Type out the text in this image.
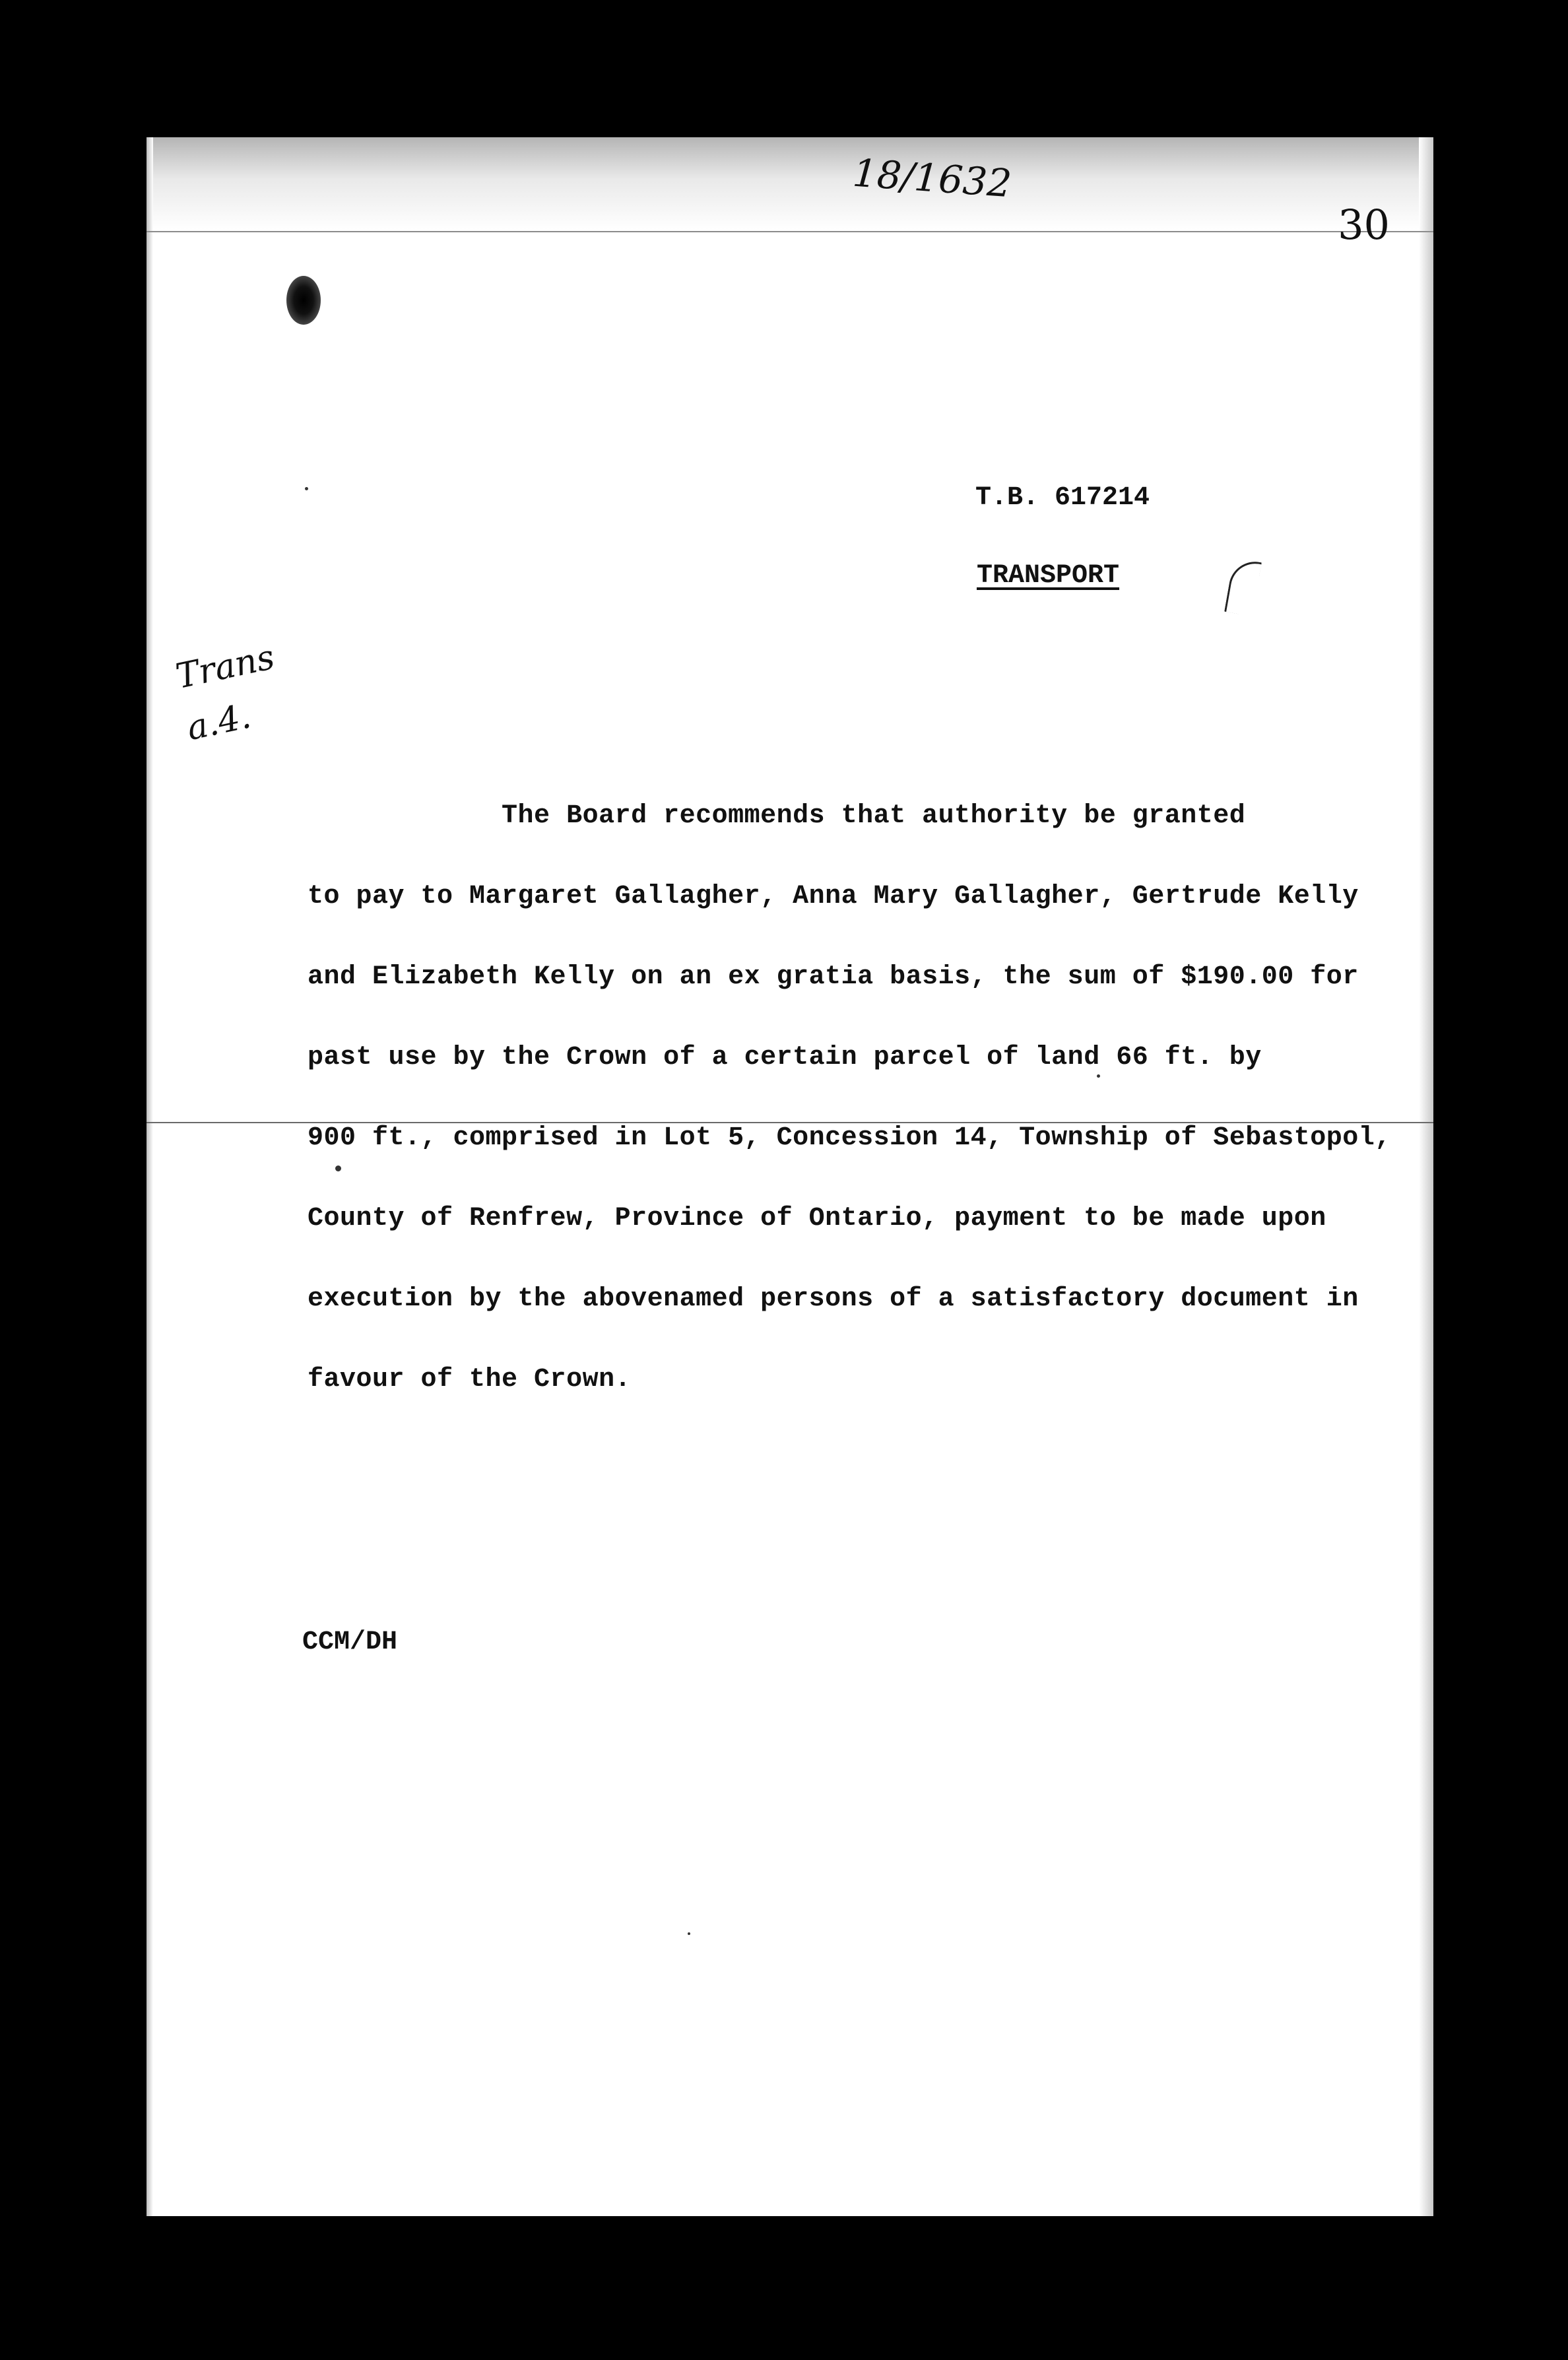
18/1632
30
Trans
a.4.
T.B. 617214
TRANSPORT
The Board recommends that authority be granted
to pay to Margaret Gallagher, Anna Mary Gallagher, Gertrude Kelly
and Elizabeth Kelly on an ex gratia basis, the sum of $190.00 for
past use by the Crown of a certain parcel of land 66 ft. by
900 ft., comprised in Lot 5, Concession 14, Township of Sebastopol,
County of Renfrew, Province of Ontario, payment to be made upon
execution by the abovenamed persons of a satisfactory document in
favour of the Crown.
CCM/DH
